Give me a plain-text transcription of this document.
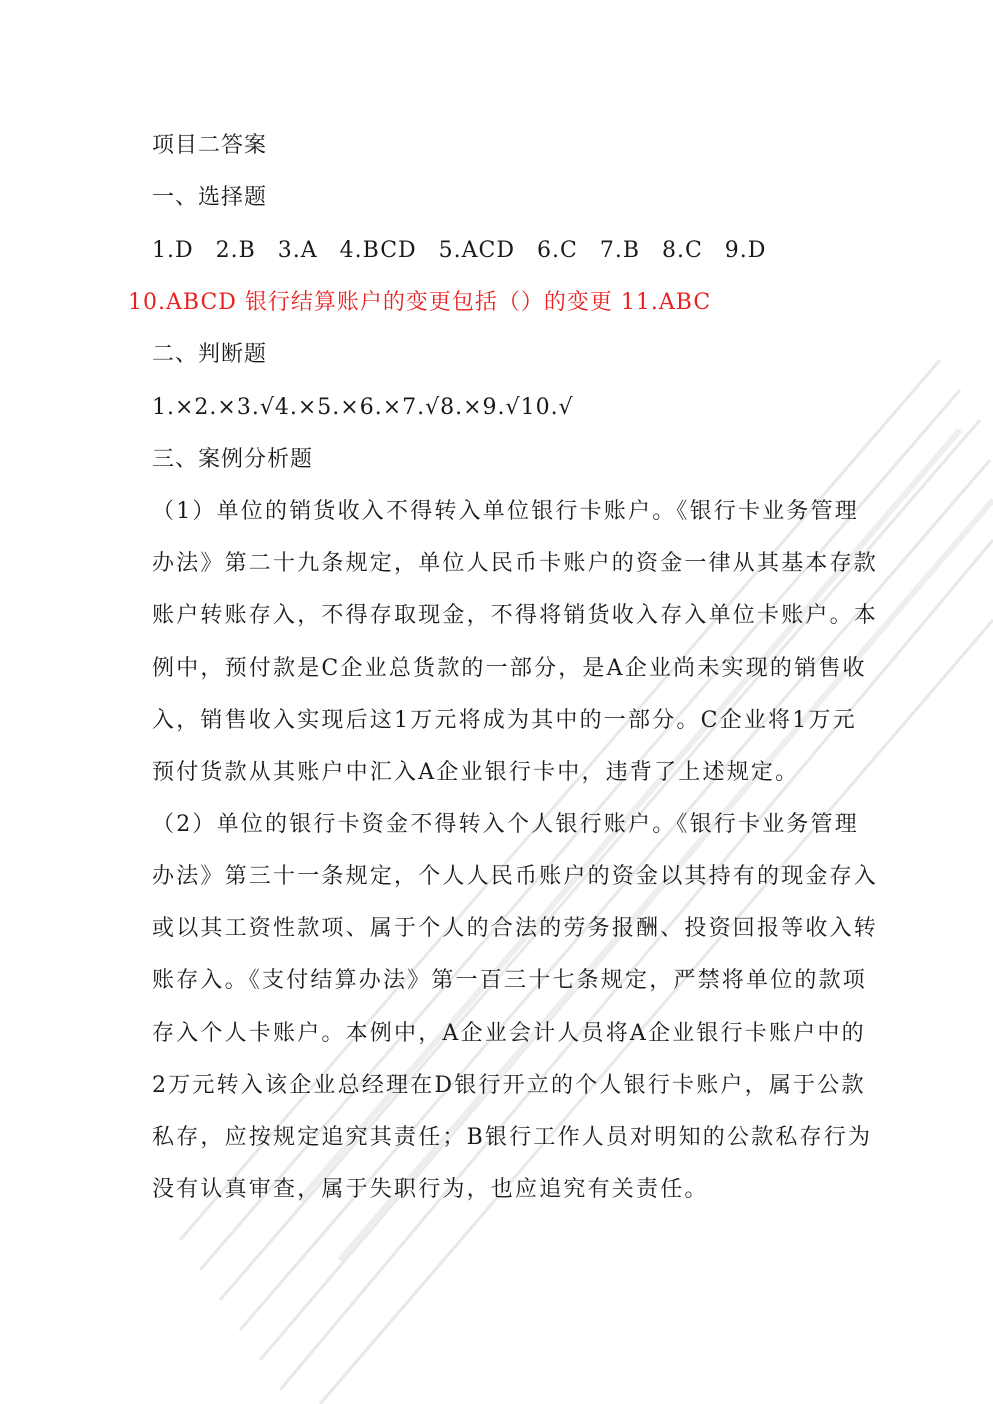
项目二答案
一、选择题
1.D 2.B 3.A 4.BCD 5.ACD 6.C 7.B 8.C 9.D
10.ABCD 银行结算账户的变更包括（）的变更 11.ABC
二、判断题
1.×2.×3.√4.×5.×6.×7.√8.×9.√10.√
三、案例分析题
（1）单位的销货收入不得转入单位银行卡账户。《银行卡业务管理
办法》第二十九条规定，单位人民币卡账户的资金一律从其基本存款
账户转账存入，不得存取现金，不得将销货收入存入单位卡账户。本
例中，预付款是C企业总货款的一部分，是A企业尚未实现的销售收
入，销售收入实现后这1万元将成为其中的一部分。C企业将1万元
预付货款从其账户中汇入A企业银行卡中，违背了上述规定。
（2）单位的银行卡资金不得转入个人银行账户。《银行卡业务管理
办法》第三十一条规定，个人人民币账户的资金以其持有的现金存入
或以其工资性款项、属于个人的合法的劳务报酬、投资回报等收入转
账存入。《支付结算办法》第一百三十七条规定，严禁将单位的款项
存入个人卡账户。本例中，A企业会计人员将A企业银行卡账户中的
2万元转入该企业总经理在D银行开立的个人银行卡账户，属于公款
私存，应按规定追究其责任；B银行工作人员对明知的公款私存行为
没有认真审查，属于失职行为，也应追究有关责任。
